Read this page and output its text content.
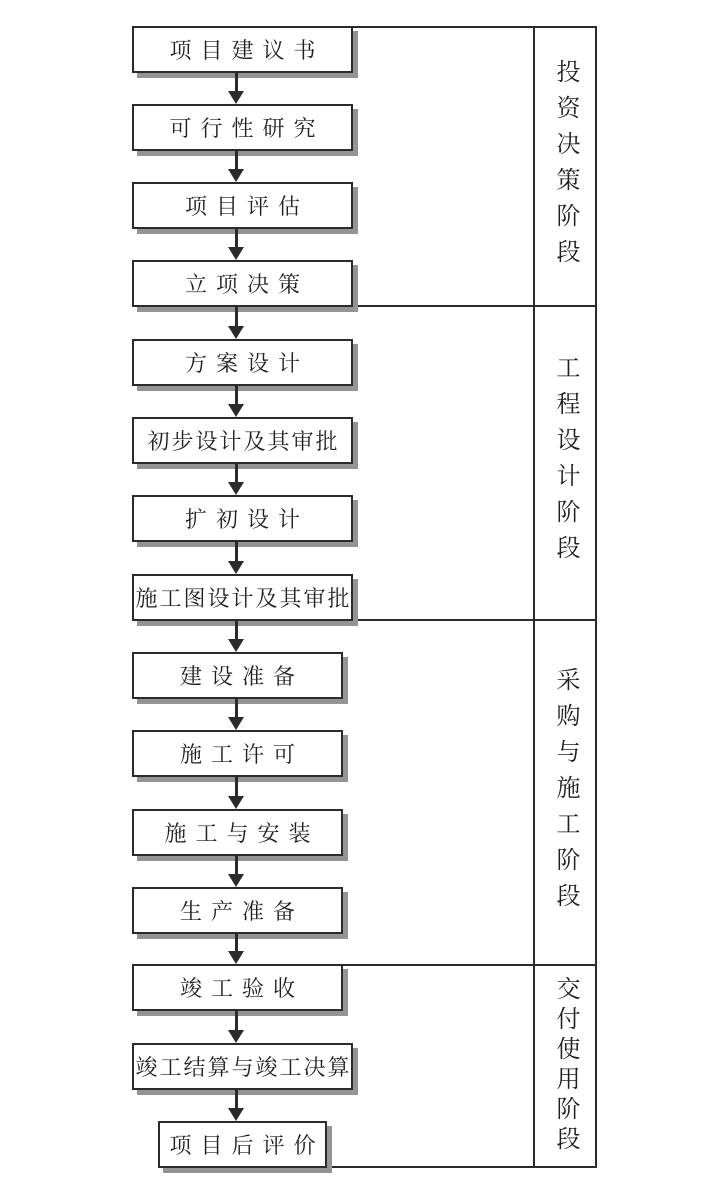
投资决策阶段
工程设计阶段
采购与施工阶段
交付使用阶段
项目建议书
可行性研究
项目评估
立项决策
方案设计
初步设计及其审批
扩初设计
施工图设计及其审批
建设准备
施工许可
施工与安装
生产准备
竣工验收
竣工结算与竣工决算
项目后评价
